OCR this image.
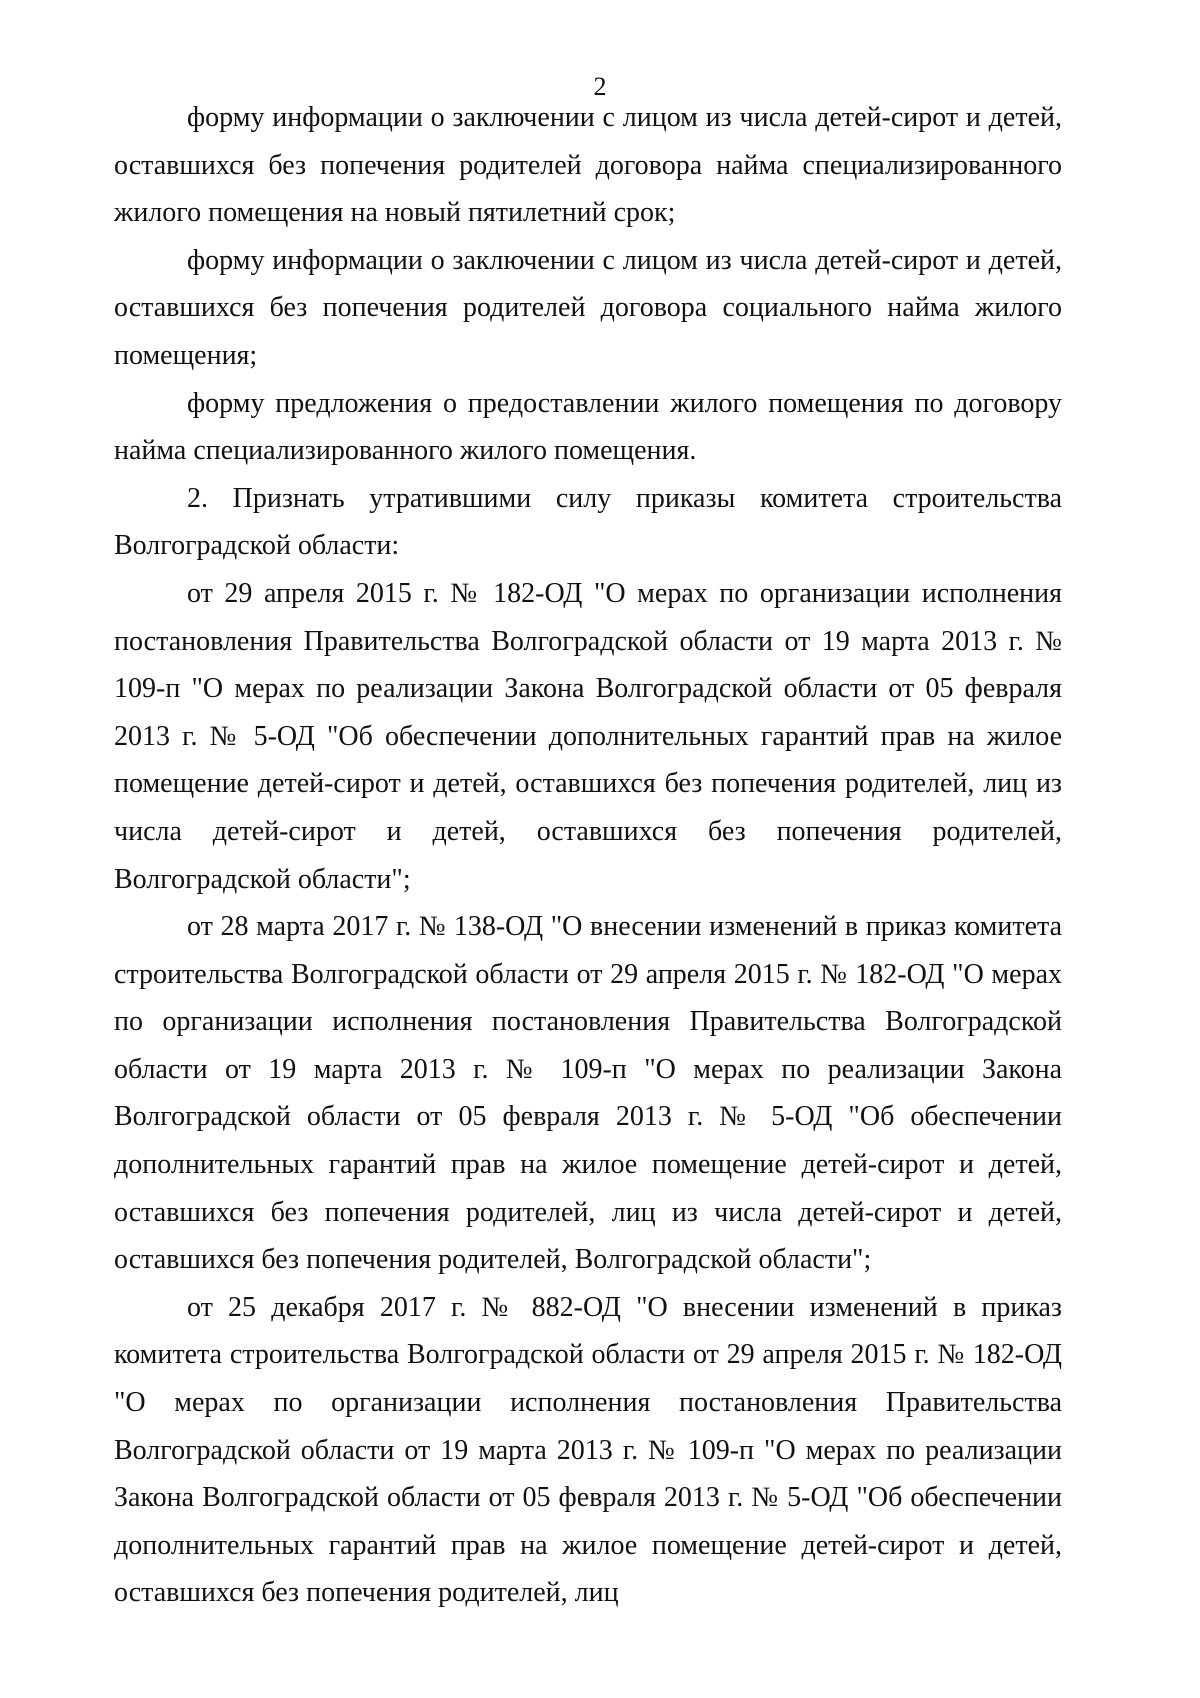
2

форму информации о заключении с лицом из числа детей-сирот и детей, оставшихся без попечения родителей договора найма специализированного жилого помещения на новый пятилетний срок;

форму информации о заключении с лицом из числа детей-сирот и детей, оставшихся без попечения родителей договора социального найма жилого помещения;

форму предложения о предоставлении жилого помещения по договору найма специализированного жилого помещения.

2. Признать утратившими силу приказы комитета строительства Волгоградской области:

от 29 апреля 2015 г. № 182-ОД "О мерах по организации исполнения постановления Правительства Волгоградской области от 19 марта 2013 г. № 109-п "О мерах по реализации Закона Волгоградской области от 05 февраля 2013 г. № 5-ОД "Об обеспечении дополнительных гарантий прав на жилое помещение детей-сирот и детей, оставшихся без попечения родителей, лиц из числа детей-сирот и детей, оставшихся без попечения родителей, Волгоградской области";

от 28 марта 2017 г. № 138-ОД "О внесении изменений в приказ комитета строительства Волгоградской области от 29 апреля 2015 г. № 182-ОД "О мерах по организации исполнения постановления Правительства Волгоградской области от 19 марта 2013 г. № 109-п "О мерах по реализации Закона Волгоградской области от 05 февраля 2013 г. № 5-ОД "Об обеспечении дополнительных гарантий прав на жилое помещение детей-сирот и детей, оставшихся без попечения родителей, лиц из числа детей-сирот и детей, оставшихся без попечения родителей, Волгоградской области";

от 25 декабря 2017 г. № 882-ОД "О внесении изменений в приказ комитета строительства Волгоградской области от 29 апреля 2015 г. № 182-ОД "О мерах по организации исполнения постановления Правительства Волгоградской области от 19 марта 2013 г. № 109-п "О мерах по реализации Закона Волгоградской области от 05 февраля 2013 г. № 5-ОД "Об обеспечении дополнительных гарантий прав на жилое помещение детей-сирот и детей, оставшихся без попечения родителей, лиц
